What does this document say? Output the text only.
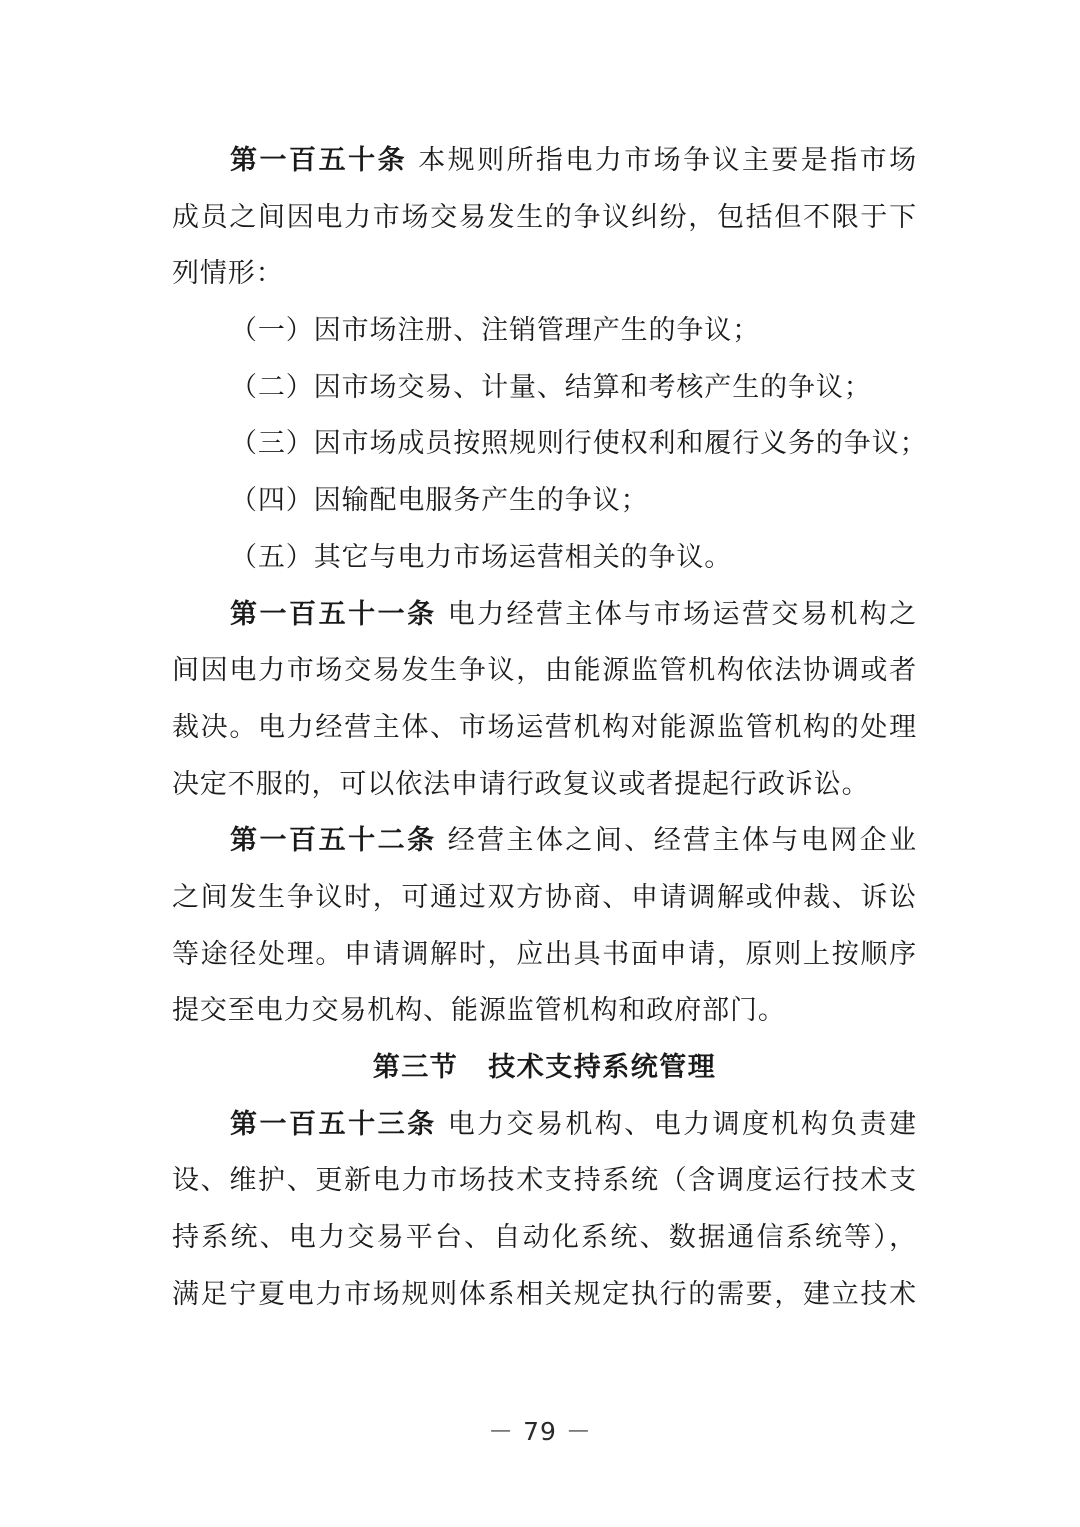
第一百五十条 本规则所指电力市场争议主要是指市场
成员之间因电力市场交易发生的争议纠纷，包括但不限于下
列情形：
（一）因市场注册、注销管理产生的争议；
（二）因市场交易、计量、结算和考核产生的争议；
（三）因市场成员按照规则行使权利和履行义务的争议；
（四）因输配电服务产生的争议；
（五）其它与电力市场运营相关的争议。
第一百五十一条 电力经营主体与市场运营交易机构之
间因电力市场交易发生争议，由能源监管机构依法协调或者
裁决。电力经营主体、市场运营机构对能源监管机构的处理
决定不服的，可以依法申请行政复议或者提起行政诉讼。
第一百五十二条 经营主体之间、经营主体与电网企业
之间发生争议时，可通过双方协商、申请调解或仲裁、诉讼
等途径处理。申请调解时，应出具书面申请，原则上按顺序
提交至电力交易机构、能源监管机构和政府部门。
第三节 技术支持系统管理
第一百五十三条 电力交易机构、电力调度机构负责建
设、维护、更新电力市场技术支持系统（含调度运行技术支
持系统、电力交易平台、自动化系统、数据通信系统等），
满足宁夏电力市场规则体系相关规定执行的需要，建立技术
－ 79 －
